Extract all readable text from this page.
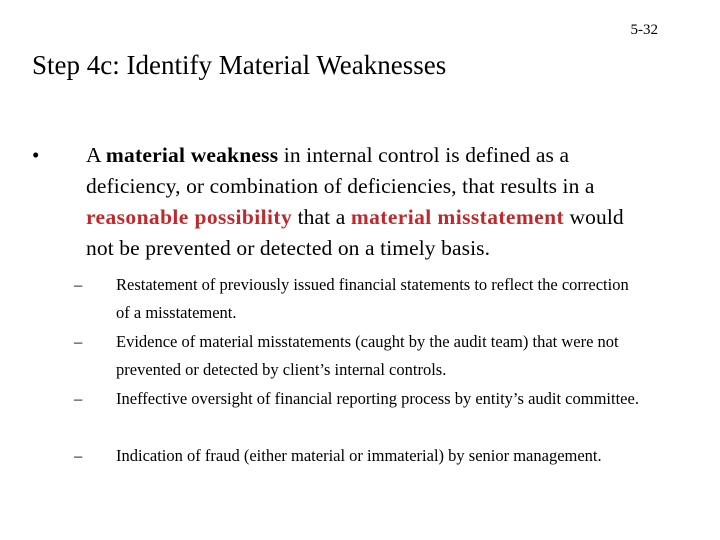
5-32
Step 4c: Identify Material Weaknesses
• A material weakness in internal control is defined as a deficiency, or combination of deficiencies, that results in a reasonable possibility that a material misstatement would not be prevented or detected on a timely basis.
– Restatement of previously issued financial statements to reflect the correction of a misstatement.
– Evidence of material misstatements (caught by the audit team) that were not prevented or detected by client’s internal controls.
– Ineffective oversight of financial reporting process by entity’s audit committee.
– Indication of fraud (either material or immaterial) by senior management.
